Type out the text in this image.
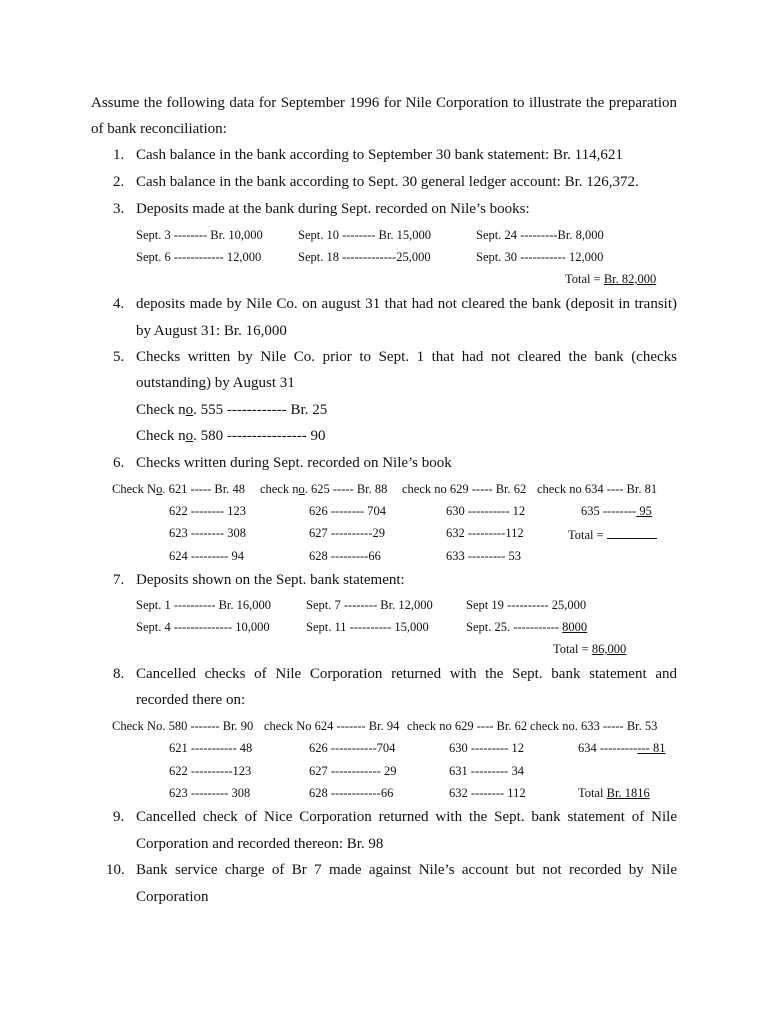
Assume the following data for September 1996 for Nile Corporation to illustrate the preparation
of bank reconciliation:
1. Cash balance in the bank according to September 30 bank statement: Br. 114,621
2. Cash balance in the bank according to Sept. 30 general ledger account: Br. 126,372.
3. Deposits made at the bank during Sept. recorded on Nile’s books:
Sept. 3 -------- Br. 10,000	Sept. 10 -------- Br. 15,000	Sept. 24 ---------Br. 8,000
Sept. 6 ------------ 12,000	Sept. 18 -------------25,000	Sept. 30 ----------- 12,000
Total = Br. 82,000
4. deposits made by Nile Co. on august 31 that had not cleared the bank (deposit in transit)
by August 31: Br. 16,000
5. Checks written by Nile Co. prior to Sept. 1 that had not cleared the bank (checks
outstanding) by August 31
Check no. 555 ------------ Br. 25
Check no. 580 ---------------- 90
6. Checks written during Sept. recorded on Nile’s book
Check No. 621 ----- Br. 48 check no. 625 ----- Br. 88 check no 629 ----- Br. 62 check no 634 ---- Br. 81
622 -------- 123	626 -------- 704	630 ---------- 12	635 -------- 95
623 -------- 308	627 ----------29	632 ---------112	Total =
624 --------- 94	628 ---------66	633 --------- 53
7. Deposits shown on the Sept. bank statement:
Sept. 1 ---------- Br. 16,000	Sept. 7 -------- Br. 12,000	Sept 19 ---------- 25,000
Sept. 4 -------------- 10,000	Sept. 11 ---------- 15,000	Sept. 25. ----------- 8000
Total = 86,000
8. Cancelled checks of Nile Corporation returned with the Sept. bank statement and
recorded there on:
Check No. 580 ------- Br. 90 check No 624 ------- Br. 94 check no 629 ---- Br. 62 check no. 633 ----- Br. 53
621 ----------- 48	626 -----------704	630 --------- 12	634 ------------ 81
622 ----------123	627 ------------ 29	631 --------- 34
623 --------- 308	628 ------------66	632 -------- 112	Total Br. 1816
9. Cancelled check of Nice Corporation returned with the Sept. bank statement of Nile
Corporation and recorded thereon: Br. 98
10. Bank service charge of Br 7 made against Nile’s account but not recorded by Nile
Corporation
